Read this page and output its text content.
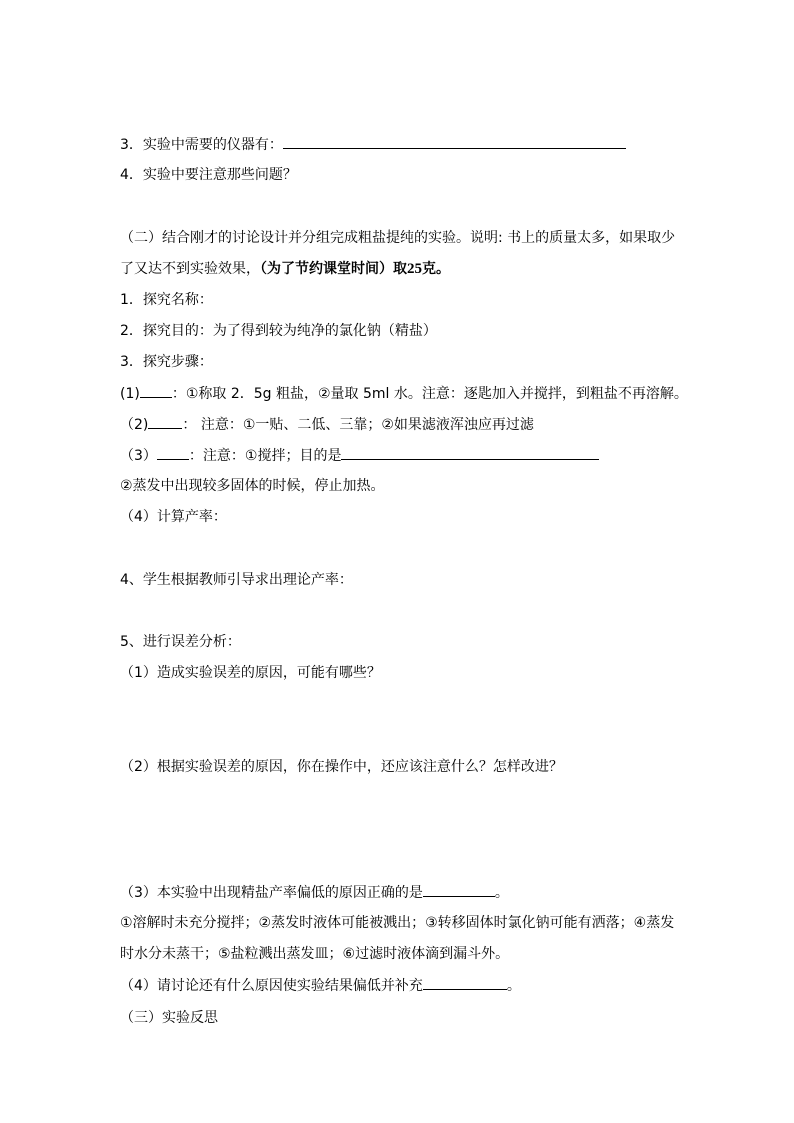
3．实验中需要的仪器有：
4．实验中要注意那些问题？
（二）结合刚才的讨论设计并分组完成粗盐提纯的实验。说明: 书上的质量太多，如果取少
了又达不到实验效果，（为了节约课堂时间）取25克。
1．探究名称：
2．探究目的：为了得到较为纯净的氯化钠（精盐）
3．探究步骤：
(1) ：①称取 2．5g 粗盐，②量取 5ml 水。注意：逐匙加入并搅拌，到粗盐不再溶解。
（2) ： 注意：①一贴、二低、三靠；②如果滤液浑浊应再过滤
（3） ：注意：①搅拌；目的是
②蒸发中出现较多固体的时候，停止加热。
（4）计算产率：
4、学生根据教师引导求出理论产率：
5、进行误差分析：
（1）造成实验误差的原因，可能有哪些？
（2）根据实验误差的原因，你在操作中，还应该注意什么？怎样改进？
（3）本实验中出现精盐产率偏低的原因正确的是	。
①溶解时未充分搅拌；②蒸发时液体可能被溅出；③转移固体时氯化钠可能有洒落；④蒸发
时水分未蒸干；⑤盐粒溅出蒸发皿；⑥过滤时液体滴到漏斗外。
（4）请讨论还有什么原因使实验结果偏低并补充	。
（三）实验反思
